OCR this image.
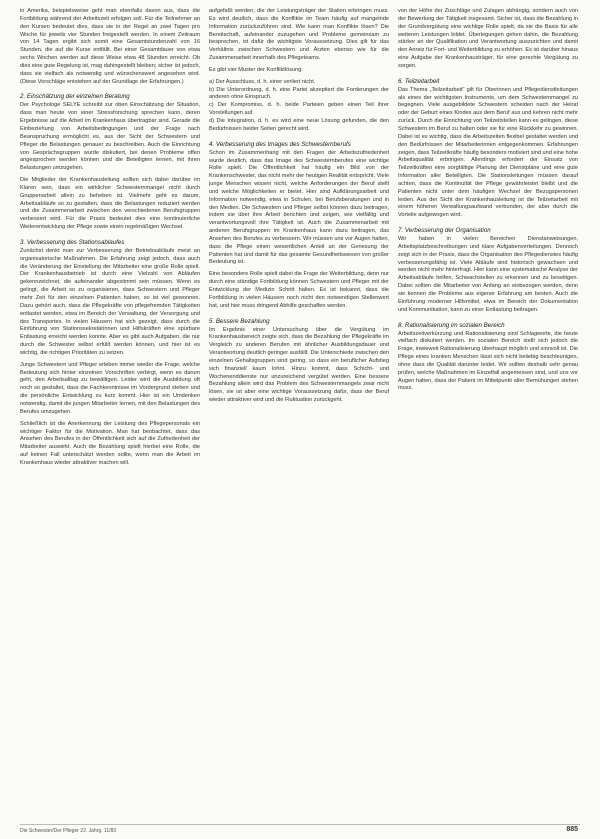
in Amerika, beispielsweise geht man ebenfalls davon aus, dass die Fortbildung während der Arbeitszeit erfolgen soll. Für die Teilnehmer an den Kursen bedeutet dies, dass sie in der Regel an zwei Tagen pro Woche für jeweils vier Stunden freigestellt werden. In einem Zeitraum von 14 Tagen ergibt sich somit eine Gesamtstundenzahl von 16 Stunden, die auf die Kurse entfällt. Bei einer Gesamtdauer von etwa sechs Wochen werden auf diese Weise etwa 48 Stunden erreicht. Ob dies eine gute Regelung ist, mag dahingestellt bleiben; sicher ist jedoch, dass sie vielfach als notwendig und wünschenswert angesehen wird. (Diese Vorschläge entstehen auf der Grundlage der Erfahrungen.)

2. Einschätzung der einzelnen Beratung

Der Psychologe SELYE schreibt zur oben Einschätzung der Situation, dass man heute von einer Stressforschung sprechen kann, deren Ergebnisse auf die Arbeit im Krankenhaus übertragbar sind. Gerade die Einbeziehung von Arbeitsbedingungen und der Frage nach Beanspruchung ermöglicht es, aus der Sicht der Schwestern und Pfleger die Belastungen genauer zu beschreiben. Auch die Einrichtung von Gesprächsgruppen wurde diskutiert, bei denen Probleme offen angesprochen werden können und die Beteiligten lernen, mit ihren Belastungen umzugehen.

Die Mitglieder der Krankenhausleitung sollten sich dabei darüber im Klaren sein, dass ein wirklicher Schwesternmangel nicht durch Gruppenarbeit allein zu beheben ist. Vielmehr geht es darum, Arbeitsabläufe so zu gestalten, dass die Belastungen reduziert werden und die Zusammenarbeit zwischen den verschiedenen Berufsgruppen verbessert wird. Für die Praxis bedeutet dies eine kontinuierliche Weiterentwicklung der Pflege sowie einen regelmäßigen Wechsel.

3. Verbesserung des Stationsablaufes

Zunächst denkt man zur Verbesserung der Betriebsabläufe meist an organisatorische Maßnahmen. Die Erfahrung zeigt jedoch, dass auch die Veränderung der Einstellung der Mitarbeiter eine große Rolle spielt. Der Krankenhausbetrieb ist durch eine Vielzahl von Abläufen gekennzeichnet, die aufeinander abgestimmt sein müssen. Wenn es gelingt, die Arbeit so zu organisieren, dass Schwestern und Pfleger mehr Zeit für den einzelnen Patienten haben, so ist viel gewonnen. Dazu gehört auch, dass die Pflegekräfte von pflegefremden Tätigkeiten entlastet werden, etwa im Bereich der Verwaltung, der Versorgung und des Transportes. In vielen Häusern hat sich gezeigt, dass durch die Einführung von Stationssekretärinnen und Hilfskräften eine spürbare Entlastung erreicht werden konnte. Aber es gibt auch Aufgaben, die nur durch die Schwester selbst erfüllt werden können, und hier ist es wichtig, die richtigen Prioritäten zu setzen.

Junge Schwestern und Pfleger erleben immer wieder die Frage, welche Bedeutung sich hinter einzelnen Vorschriften verbirgt, wenn es darum geht, den Arbeitsalltag zu bewältigen. Leider wird die Ausbildung oft noch so gestaltet, dass die Fachkenntnisse im Vordergrund stehen und die persönliche Entwicklung zu kurz kommt. Hier ist ein Umdenken notwendig, damit die jungen Mitarbeiter lernen, mit den Belastungen des Berufes umzugehen.

Schließlich ist die Anerkennung der Leistung des Pflegepersonals ein wichtiger Faktor für die Motivation. Man hat beobachtet, dass das Ansehen des Berufes in der Öffentlichkeit sich auf die Zufriedenheit der Mitarbeiter auswirkt. Auch die Bezahlung spielt hierbei eine Rolle, die auf keinen Fall unterschätzt werden sollte, wenn man die Arbeit im Krankenhaus wieder attraktiver machen will.

aufgefaßt werden, die der Leistungsträger der Station erbringen muss. Es wird deutlich, dass die Konflikte im Team häufig auf mangelnde Information zurückzuführen sind. Wie kann man Konflikte lösen? Die Bereitschaft, aufeinander zuzugehen und Probleme gemeinsam zu besprechen, ist dafür die wichtigste Voraussetzung. Dies gilt für das Verhältnis zwischen Schwestern und Ärzten ebenso wie für die Zusammenarbeit innerhalb des Pflegeteams.

Es gibt vier Muster der Konfliktlösung:

a) Der Ausschluss, d. h. einer verliert nicht.
b) Die Unterordnung, d. h. eine Partei akzeptiert die Forderungen der anderen ohne Einspruch.
c) Der Kompromiss, d. h. beide Parteien geben einen Teil ihrer Vorstellungen auf.
d) Die Integration, d. h. es wird eine neue Lösung gefunden, die den Bedürfnissen beider Seiten gerecht wird.
4. Verbesserung des Images des Schwesternberufs

Schon im Zusammenhang mit den Fragen der Arbeitszufriedenheit wurde deutlich, dass das Image des Schwesternberufes eine wichtige Rolle spielt. Die Öffentlichkeit hat häufig ein Bild von der Krankenschwester, das nicht mehr der heutigen Realität entspricht. Viele junge Menschen wissen nicht, welche Anforderungen der Beruf stellt und welche Möglichkeiten er bietet. Hier sind Aufklärungsarbeit und Information notwendig, etwa in Schulen, bei Berufsberatungen und in den Medien. Die Schwestern und Pfleger selbst können dazu beitragen, indem sie über ihre Arbeit berichten und zeigen, wie vielfältig und verantwortungsvoll ihre Tätigkeit ist. Auch die Zusammenarbeit mit anderen Berufsgruppen im Krankenhaus kann dazu beitragen, das Ansehen des Berufes zu verbessern. Wir müssen uns vor Augen halten, dass die Pflege einen wesentlichen Anteil an der Genesung der Patienten hat und damit für das gesamte Gesundheitswesen von großer Bedeutung ist.

Eine besondere Rolle spielt dabei die Frage der Weiterbildung, denn nur durch eine ständige Fortbildung können Schwestern und Pfleger mit der Entwicklung der Medizin Schritt halten. Es ist bekannt, dass die Fortbildung in vielen Häusern noch nicht den notwendigen Stellenwert hat, und hier muss dringend Abhilfe geschaffen werden.

5. Bessere Bezahlung

Im Ergebnis einer Untersuchung über die Vergütung im Krankenhausbereich zeigte sich, dass die Bezahlung der Pflegekräfte im Vergleich zu anderen Berufen mit ähnlicher Ausbildungsdauer und Verantwortung deutlich geringer ausfällt. Die Unterschiede zwischen den einzelnen Gehaltsgruppen sind gering, so dass ein beruflicher Aufstieg sich finanziell kaum lohnt. Hinzu kommt, dass Schicht- und Wochenenddienste nur unzureichend vergütet werden. Eine bessere Bezahlung allein wird das Problem des Schwesternmangels zwar nicht lösen, sie ist aber eine wichtige Voraussetzung dafür, dass der Beruf wieder attraktiver wird und die Fluktuation zurückgeht.

von der Höhe der Zuschläge und Zulagen abhängig, sondern auch von der Bewertung der Tätigkeit insgesamt. Sicher ist, dass die Bezahlung in der Grundvergütung eine wichtige Rolle spielt, da sie die Basis für alle weiteren Leistungen bildet. Überlegungen gehen dahin, die Bezahlung stärker an der Qualifikation und Verantwortung auszurichten und damit den Anreiz für Fort- und Weiterbildung zu erhöhen. Es ist darüber hinaus eine Aufgabe der Krankenhausträger, für eine gerechte Vergütung zu sorgen.

6. Teilzeitarbeit

Das Thema „Teilzeitarbeit“ gilt für Oberinnen und Pflegedienstleitungen als eines der wichtigsten Instrumente, um dem Schwesternmangel zu begegnen. Viele ausgebildete Schwestern scheiden nach der Heirat oder der Geburt eines Kindes aus dem Beruf aus und kehren nicht mehr zurück. Durch die Einrichtung von Teilzeitstellen kann es gelingen, diese Schwestern im Beruf zu halten oder sie für eine Rückkehr zu gewinnen. Dabei ist es wichtig, dass die Arbeitszeiten flexibel gestaltet werden und den Bedürfnissen der Mitarbeiterinnen entgegenkommen. Erfahrungen zeigen, dass Teilzeitkräfte häufig besonders motiviert sind und eine hohe Arbeitsqualität erbringen. Allerdings erfordert der Einsatz von Teilzeitkräften eine sorgfältige Planung der Dienstpläne und eine gute Information aller Beteiligten. Die Stationsleitungen müssen darauf achten, dass die Kontinuität der Pflege gewährleistet bleibt und die Patienten nicht unter dem häufigen Wechsel der Bezugspersonen leiden. Aus der Sicht der Krankenhausleitung ist die Teilzeitarbeit mit einem höheren Verwaltungsaufwand verbunden, der aber durch die Vorteile aufgewogen wird.

7. Verbesserung der Organisation

Wir haben in vielen Bereichen Dienstanweisungen, Arbeitsplatzbeschreibungen und klare Aufgabenverteilungen. Dennoch zeigt sich in der Praxis, dass die Organisation des Pflegedienstes häufig verbesserungsfähig ist. Viele Abläufe sind historisch gewachsen und werden nicht mehr hinterfragt. Hier kann eine systematische Analyse der Arbeitsabläufe helfen, Schwachstellen zu erkennen und zu beseitigen. Dabei sollten die Mitarbeiter von Anfang an einbezogen werden, denn sie kennen die Probleme aus eigener Erfahrung am besten. Auch die Einführung moderner Hilfsmittel, etwa im Bereich der Dokumentation und Kommunikation, kann zu einer Entlastung beitragen.

8. Rationalisierung im sozialen Bereich

Arbeitszeitverkürzung und Rationalisierung sind Schlagworte, die heute vielfach diskutiert werden. Im sozialen Bereich stellt sich jedoch die Frage, inwieweit Rationalisierung überhaupt möglich und sinnvoll ist. Die Pflege eines kranken Menschen lässt sich nicht beliebig beschleunigen, ohne dass die Qualität darunter leidet. Wir sollten deshalb sehr genau prüfen, welche Maßnahmen im Einzelfall angemessen sind, und uns vor Augen halten, dass der Patient im Mittelpunkt aller Bemühungen stehen muss.

Die Schwester/Der Pfleger 22. Jahrg. 11/83	885
